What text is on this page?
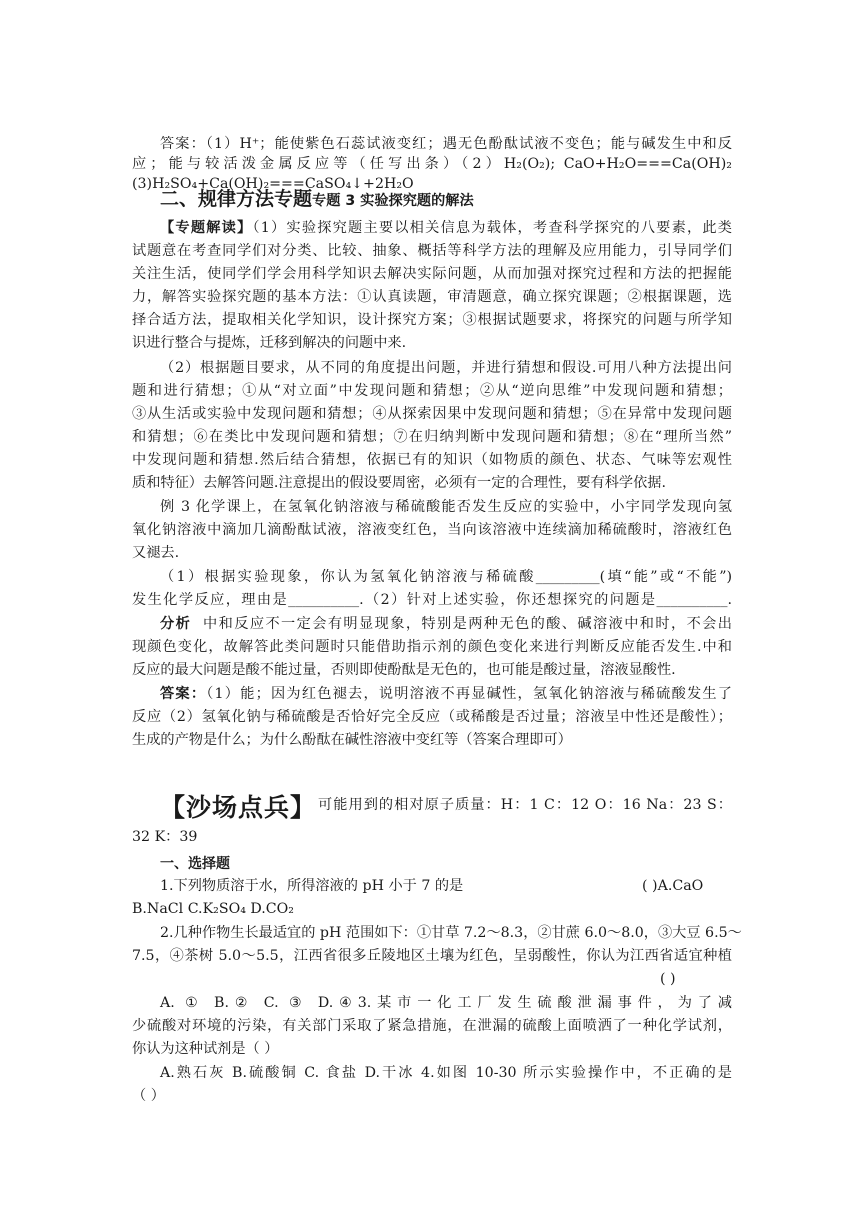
答案：（1）H⁺；能使紫色石蕊试液变红；遇无色酚酞试液不变色；能与碱发生中和反
应；能与较活泼金属反应等（任写出条）（2）H₂(O₂); CaO+H₂O===Ca(OH)₂
(3)H₂SO₄+Ca(OH)₂===CaSO₄↓+2H₂O
二、规律方法专题专题 3 实验探究题的解法
【专题解读】（1）实验探究题主要以相关信息为载体，考查科学探究的八要素，此类
试题意在考查同学们对分类、比较、抽象、概括等科学方法的理解及应用能力，引导同学们
关注生活，使同学们学会用科学知识去解决实际问题，从而加强对探究过程和方法的把握能
力，解答实验探究题的基本方法：①认真读题，审清题意，确立探究课题；②根据课题，选
择合适方法，提取相关化学知识，设计探究方案；③根据试题要求，将探究的问题与所学知
识进行整合与提炼，迁移到解决的问题中来.
（2）根据题目要求，从不同的角度提出问题，并进行猜想和假设.可用八种方法提出问
题和进行猜想；①从“对立面”中发现问题和猜想；②从“逆向思维”中发现问题和猜想；
③从生活或实验中发现问题和猜想；④从探索因果中发现问题和猜想；⑤在异常中发现问题
和猜想；⑥在类比中发现问题和猜想；⑦在归纳判断中发现问题和猜想；⑧在“理所当然”
中发现问题和猜想.然后结合猜想，依据已有的知识（如物质的颜色、状态、气味等宏观性
质和特征）去解答问题.注意提出的假设要周密，必须有一定的合理性，要有科学依据.
例 3 化学课上，在氢氧化钠溶液与稀硫酸能否发生反应的实验中，小宇同学发现向氢
氧化钠溶液中滴加几滴酚酞试液，溶液变红色，当向该溶液中连续滴加稀硫酸时，溶液红色
又褪去.
（1）根据实验现象，你认为氢氧化钠溶液与稀硫酸_________(填“能”或“不能”)
发生化学反应，理由是__________.（2）针对上述实验，你还想探究的问题是__________.
分析 中和反应不一定会有明显现象，特别是两种无色的酸、碱溶液中和时，不会出
现颜色变化，故解答此类问题时只能借助指示剂的颜色变化来进行判断反应能否发生.中和
反应的最大问题是酸不能过量，否则即使酚酞是无色的，也可能是酸过量，溶液显酸性.
答案：（1）能；因为红色褪去，说明溶液不再显碱性，氢氧化钠溶液与稀硫酸发生了
反应（2）氢氧化钠与稀硫酸是否恰好完全反应（或稀酸是否过量；溶液呈中性还是酸性）；
生成的产物是什么；为什么酚酞在碱性溶液中变红等（答案合理即可）
【沙场点兵】 可能用到的相对原子质量：H：1 C：12 O：16 Na：23 S：
32 K：39
一、选择题
1.下列物质溶于水，所得溶液的 pH 小于 7 的是	( )A.CaO
B.NaCl C.K₂SO₄ D.CO₂
2.几种作物生长最适宜的 pH 范围如下：①甘草 7.2～8.3，②甘蔗 6.0～8.0，③大豆 6.5～
7.5，④茶树 5.0～5.5，江西省很多丘陵地区土壤为红色，呈弱酸性，你认为江西省适宜种植
( )
A. ① B.② C. ③ D.④3.某市一化工厂发生硫酸泄漏事件，为了减
少硫酸对环境的污染，有关部门采取了紧急措施，在泄漏的硫酸上面喷洒了一种化学试剂，
你认为这种试剂是（ ）
A.熟石灰 B.硫酸铜 C. 食盐 D.干冰 4.如图 10-30 所示实验操作中，不正确的是
（ ）
